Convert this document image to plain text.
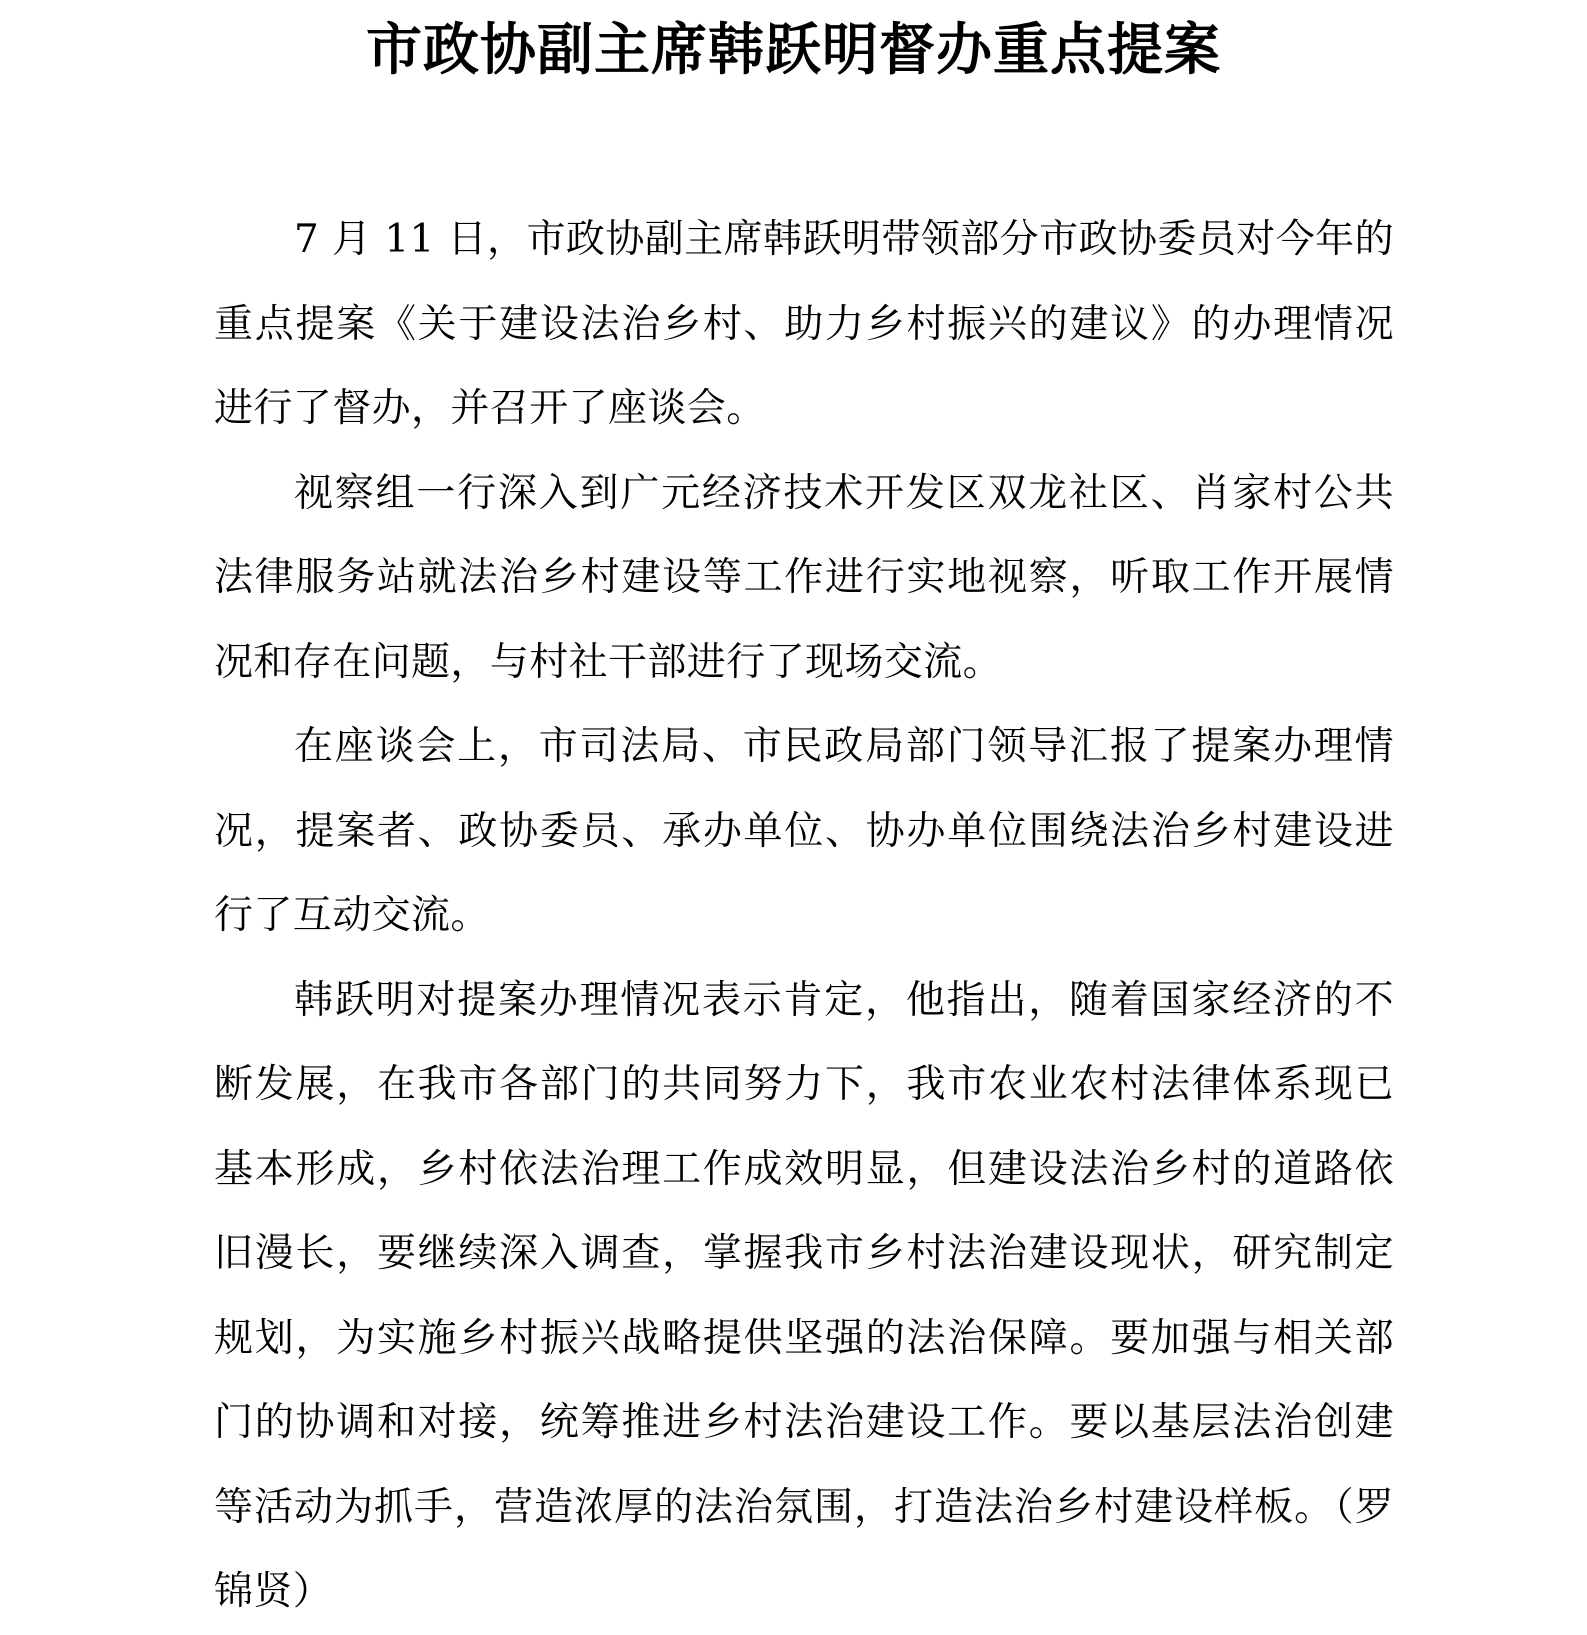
市政协副主席韩跃明督办重点提案

7 月 11 日，市政协副主席韩跃明带领部分市政协委员对今年的重点提案《关于建设法治乡村、助力乡村振兴的建议》的办理情况进行了督办，并召开了座谈会。

视察组一行深入到广元经济技术开发区双龙社区、肖家村公共法律服务站就法治乡村建设等工作进行实地视察，听取工作开展情况和存在问题，与村社干部进行了现场交流。

在座谈会上，市司法局、市民政局部门领导汇报了提案办理情况，提案者、政协委员、承办单位、协办单位围绕法治乡村建设进行了互动交流。

韩跃明对提案办理情况表示肯定，他指出，随着国家经济的不断发展，在我市各部门的共同努力下，我市农业农村法律体系现已基本形成，乡村依法治理工作成效明显，但建设法治乡村的道路依旧漫长，要继续深入调查，掌握我市乡村法治建设现状，研究制定规划，为实施乡村振兴战略提供坚强的法治保障。要加强与相关部门的协调和对接，统筹推进乡村法治建设工作。要以基层法治创建等活动为抓手，营造浓厚的法治氛围，打造法治乡村建设样板。（罗锦贤）
